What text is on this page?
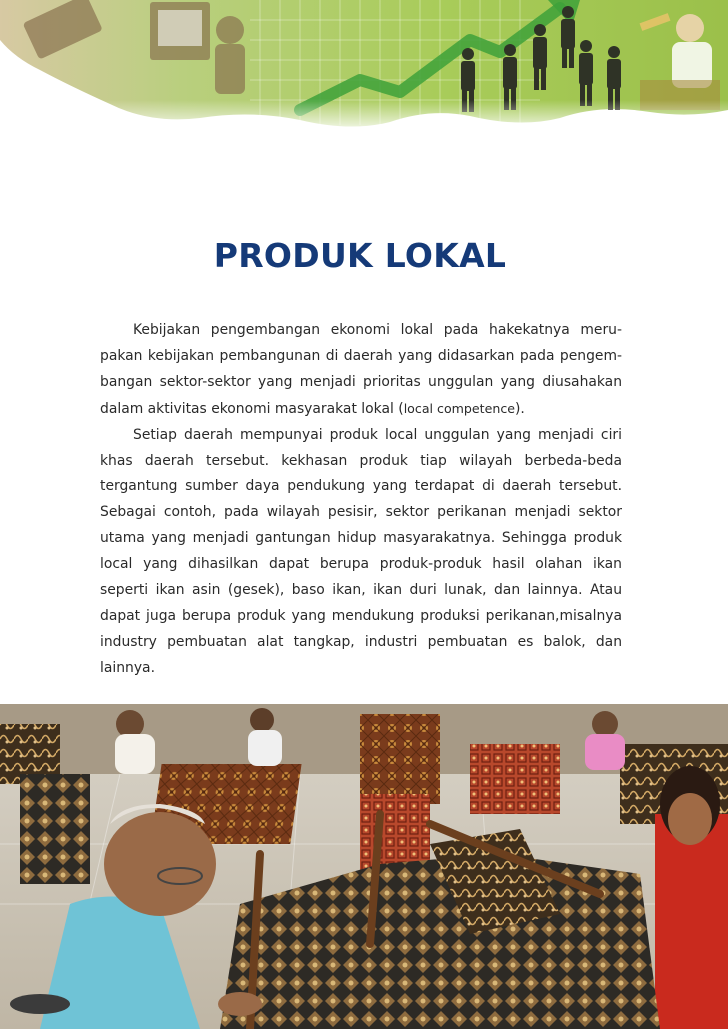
PRODUK LOKAL

Kebijakan pengembangan ekonomi lokal pada hakekatnya merupakan kebijakan pembangunan di daerah yang didasarkan pada pengembangan sektor-sektor yang menjadi prioritas unggulan yang diusahakan dalam aktivitas ekonomi masyarakat lokal (local competence).

Setiap daerah mempunyai produk local unggulan yang menjadi ciri khas daerah tersebut. kekhasan produk tiap wilayah berbeda-beda tergantung sumber daya pendukung yang terdapat di daerah tersebut. Sebagai contoh, pada wilayah pesisir, sektor perikanan menjadi sektor utama yang menjadi gantungan hidup masyarakatnya. Sehingga produk local yang dihasilkan dapat berupa produk-produk hasil olahan ikan seperti ikan asin (gesek), baso ikan, ikan duri lunak, dan lainnya. Atau dapat juga berupa produk yang mendukung produksi perikanan,misalnya industry pembuatan alat tangkap, industri pembuatan es balok, dan lainnya.
